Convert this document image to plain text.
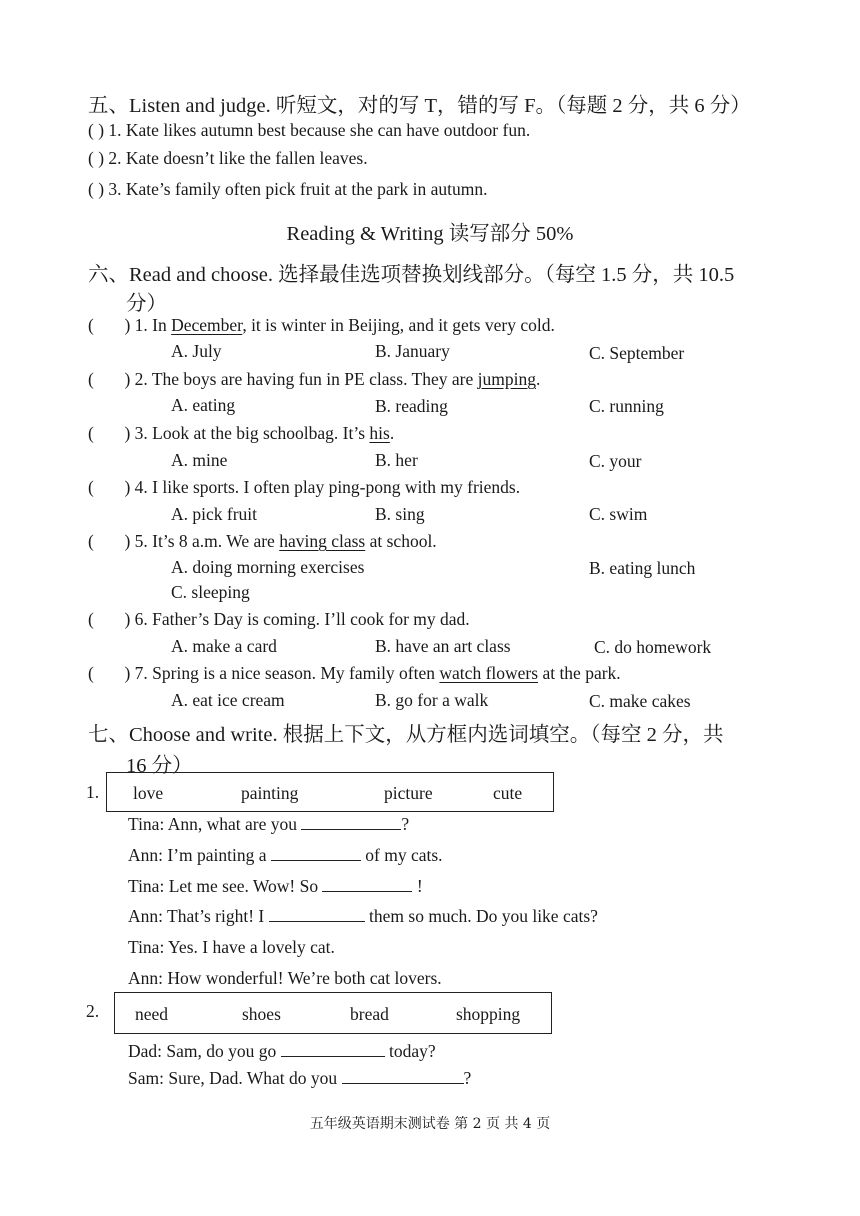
五、Listen and judge. 听短文，对的写 T，错的写 F。（每题 2 分，共 6 分）
( ) 1. Kate likes autumn best because she can have outdoor fun.
( ) 2. Kate doesn’t like the fallen leaves.
( ) 3. Kate’s family often pick fruit at the park in autumn.
Reading & Writing 读写部分 50%
六、Read and choose. 选择最佳选项替换划线部分。（每空 1.5 分，共 10.5
分）
(       ) 1. In December, it is winter in Beijing, and it gets very cold.
A. July	B. January	C. September
(       ) 2. The boys are having fun in PE class. They are jumping.
A. eating	B. reading	C. running
(       ) 3. Look at the big schoolbag. It’s his.
A. mine	B. her	C. your
(       ) 4. I like sports. I often play ping-pong with my friends.
A. pick fruit	B. sing	C. swim
(       ) 5. It’s 8 a.m. We are having class at school.
A. doing morning exercises	B. eating lunch
C. sleeping
(       ) 6. Father’s Day is coming. I’ll cook for my dad.
A. make a card	B. have an art class	C. do homework
(       ) 7. Spring is a nice season. My family often watch flowers at the park.
A. eat ice cream	B. go for a walk	C. make cakes
七、Choose and write. 根据上下文，从方框内选词填空。（每空 2 分，共
16 分）
1. love	painting	picture	cute
Tina: Ann, what are you	?
Ann: I’m painting a	of my cats.
Tina: Let me see. Wow! So	!
Ann: That’s right! I	them so much. Do you like cats?
Tina: Yes. I have a lovely cat.
Ann: How wonderful! We’re both cat lovers.
2. need	shoes	bread	shopping
Dad: Sam, do you go	today?
Sam: Sure, Dad. What do you	?
五年级英语期末测试卷 第 2 页 共 4 页
